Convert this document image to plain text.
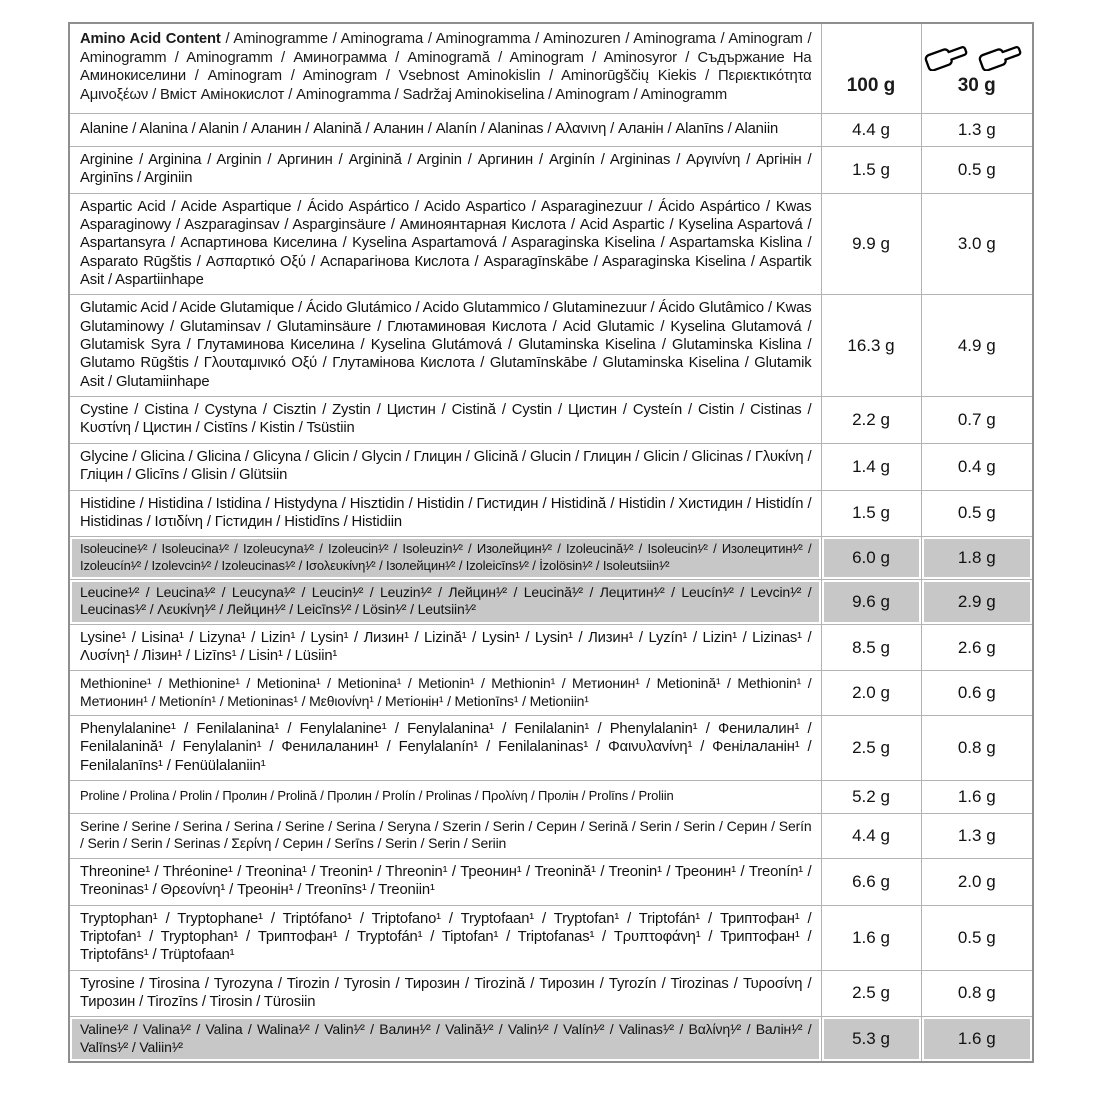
Amino Acid Content / Aminogramme / Aminograma / Aminogramma / Aminozuren / Aminograma / Aminogram / Aminogramm / Aminogramm / Аминограмма / Aminogramă / Aminogram / Aminosyror / Съдържание На Аминокиселини / Aminogram / Aminogram / Vsebnost Aminokislin / Aminorūgščių Kiekis / Περιεκτικότητα Αμινοξέων / Вміст Амінокислот / Aminogramma / Sadržaj Aminokiselina / Aminogram / Aminogramm	100 g	30 g
Alanine / Alanina / Alanin / Аланин / Alanină / Аланин / Alanín / Alaninas / Αλανινη / Аланін / Alanīns / Alaniin	4.4 g	1.3 g
Arginine / Arginina / Arginin / Аргинин / Arginină / Arginin / Аргинин / Arginín / Argininas / Αργινίνη / Аргінін / Arginīns / Arginiin	1.5 g	0.5 g
Aspartic Acid / Acide Aspartique / Ácido Aspártico / Acido Aspartico / Asparaginezuur / Ácido Aspártico / Kwas Asparaginowy / Aszparaginsav / Asparginsäure / Аминоянтарная Кислота / Acid Aspartic / Kyselina Aspartová / Aspartansyra / Аспартинова Киселина / Kyselina Aspartamová / Asparaginska Kiselina / Aspartamska Kislina / Asparato Rūgštis / Ασπαρτικό Οξύ / Аспарагінова Кислота / Asparagīnskābe / Asparaginska Kiselina / Aspartik Asit / Aspartiinhape	9.9 g	3.0 g
Glutamic Acid / Acide Glutamique / Ácido Glutámico / Acido Glutammico / Glutaminezuur / Ácido Glutâmico / Kwas Glutaminowy / Glutaminsav / Glutaminsäure / Глютаминовая Кислота / Acid Glutamic / Kyselina Glutamová / Glutamisk Syra / Глутаминова Киселина / Kyselina Glutámová / Glutaminska Kiselina / Glutaminska Kislina / Glutamo Rūgštis / Γλουταμινικό Οξύ / Глутамінова Кислота / Glutamīnskābe / Glutaminska Kiselina / Glutamik Asit / Glutamiinhape	16.3 g	4.9 g
Cystine / Cistina / Cystyna / Cisztin / Zystin / Цистин / Cistină / Cystin / Цистин / Cysteín / Cistin / Cistinas / Κυστίνη / Цистин / Cistīns / Kistin / Tsüstiin	2.2 g	0.7 g
Glycine / Glicina / Glicina / Glicyna / Glicin / Glycin / Глицин / Glicină / Glucin / Глицин / Glicin / Glicinas / Γλυκίνη / Гліцин / Glicīns / Glisin / Glütsiin	1.4 g	0.4 g
Histidine / Histidina / Istidina / Histydyna / Hisztidin / Histidin / Гистидин / Histidină / Histidin / Хистидин / Histidín / Histidinas / Ιστιδίνη / Гістидин / Histidīns / Histidiin	1.5 g	0.5 g
Isoleucine¹⁄² / Isoleucina¹⁄² / Izoleucyna¹⁄² / Izoleucin¹⁄² / Isoleuzin¹⁄² / Изолейцин¹⁄² / Izoleucină¹⁄² / Isoleucin¹⁄² / Изолецитин¹⁄² / Izoleucín¹⁄² / Izolevcin¹⁄² / Izoleucinas¹⁄² / Ισολευκίνη¹⁄² / Ізолейцин¹⁄² / Izoleicīns¹⁄² / İzolösin¹⁄² / Isoleutsiin¹⁄²	6.0 g	1.8 g
Leucine¹⁄² / Leucina¹⁄² / Leucyna¹⁄² / Leucin¹⁄² / Leuzin¹⁄² / Лейцин¹⁄² / Leucină¹⁄² / Лецитин¹⁄² / Leucín¹⁄² / Levcin¹⁄² / Leucinas¹⁄² / Λευκίνη¹⁄² / Лейцин¹⁄² / Leicīns¹⁄² / Lösin¹⁄² / Leutsiin¹⁄²	9.6 g	2.9 g
Lysine¹ / Lisina¹ / Lizyna¹ / Lizin¹ / Lysin¹ / Лизин¹ / Lizină¹ / Lysin¹ / Lysin¹ / Лизин¹ / Lyzín¹ / Lizin¹ / Lizinas¹ / Λυσίνη¹ / Лізин¹ / Lizīns¹ / Lisin¹ / Lüsiin¹	8.5 g	2.6 g
Methionine¹ / Methionine¹ / Metionina¹ / Metionina¹ / Metionin¹ / Methionin¹ / Метионин¹ / Metionină¹ / Methionin¹ / Метионин¹ / Metionín¹ / Metioninas¹ / Μεθιονίνη¹ / Метіонін¹ / Metionīns¹ / Metioniin¹	2.0 g	0.6 g
Phenylalanine¹ / Fenilalanina¹ / Fenylalanine¹ / Fenylalanina¹ / Fenilalanin¹ / Phenylalanin¹ / Фенилалин¹ / Fenilalanină¹ / Fenylalanin¹ / Фенилаланин¹ / Fenylalanín¹ / Fenilalaninas¹ / Φαινυλανίνη¹ / Фенілаланін¹ / Fenilalanīns¹ / Fenüülalaniin¹	2.5 g	0.8 g
Proline / Prolina / Prolin / Пролин / Prolină / Пролин / Prolín / Prolinas / Προλίνη / Пролін / Prolīns / Proliin	5.2 g	1.6 g
Serine / Serine / Serina / Serina / Serine / Serina / Seryna / Szerin / Serin / Серин / Serină / Serin / Serin / Серин / Serín / Serin / Serin / Serinas / Σερίνη / Серин / Serīns / Serin / Serin / Seriin	4.4 g	1.3 g
Threonine¹ / Thréonine¹ / Treonina¹ / Treonin¹ / Threonin¹ / Треонин¹ / Treonină¹ / Treonin¹ / Треонин¹ / Treonín¹ / Treoninas¹ / Θρεονίνη¹ / Треонін¹ / Treonīns¹ / Treoniin¹	6.6 g	2.0 g
Tryptophan¹ / Tryptophane¹ / Triptófano¹ / Triptofano¹ / Tryptofaan¹ / Tryptofan¹ / Triptofán¹ / Триптофан¹ / Triptofan¹ / Tryptophan¹ / Триптофан¹ / Tryptofán¹ / Tiptofan¹ / Triptofanas¹ / Τρυπτοφάνη¹ / Триптофан¹ / Triptofāns¹ / Trüptofaan¹	1.6 g	0.5 g
Tyrosine / Tirosina / Tyrozyna / Tirozin / Tyrosin / Тирозин / Tirozină / Тирозин / Tyrozín / Tirozinas / Τυροσίνη / Тирозин / Tirozīns / Tirosin / Türosiin	2.5 g	0.8 g
Valine¹⁄² / Valina¹⁄² / Valina / Walina¹⁄² / Valin¹⁄² / Валин¹⁄² / Valină¹⁄² / Valin¹⁄² / Valín¹⁄² / Valinas¹⁄² / Βαλίνη¹⁄² / Валін¹⁄² / Valīns¹⁄² / Valiin¹⁄²	5.3 g	1.6 g
